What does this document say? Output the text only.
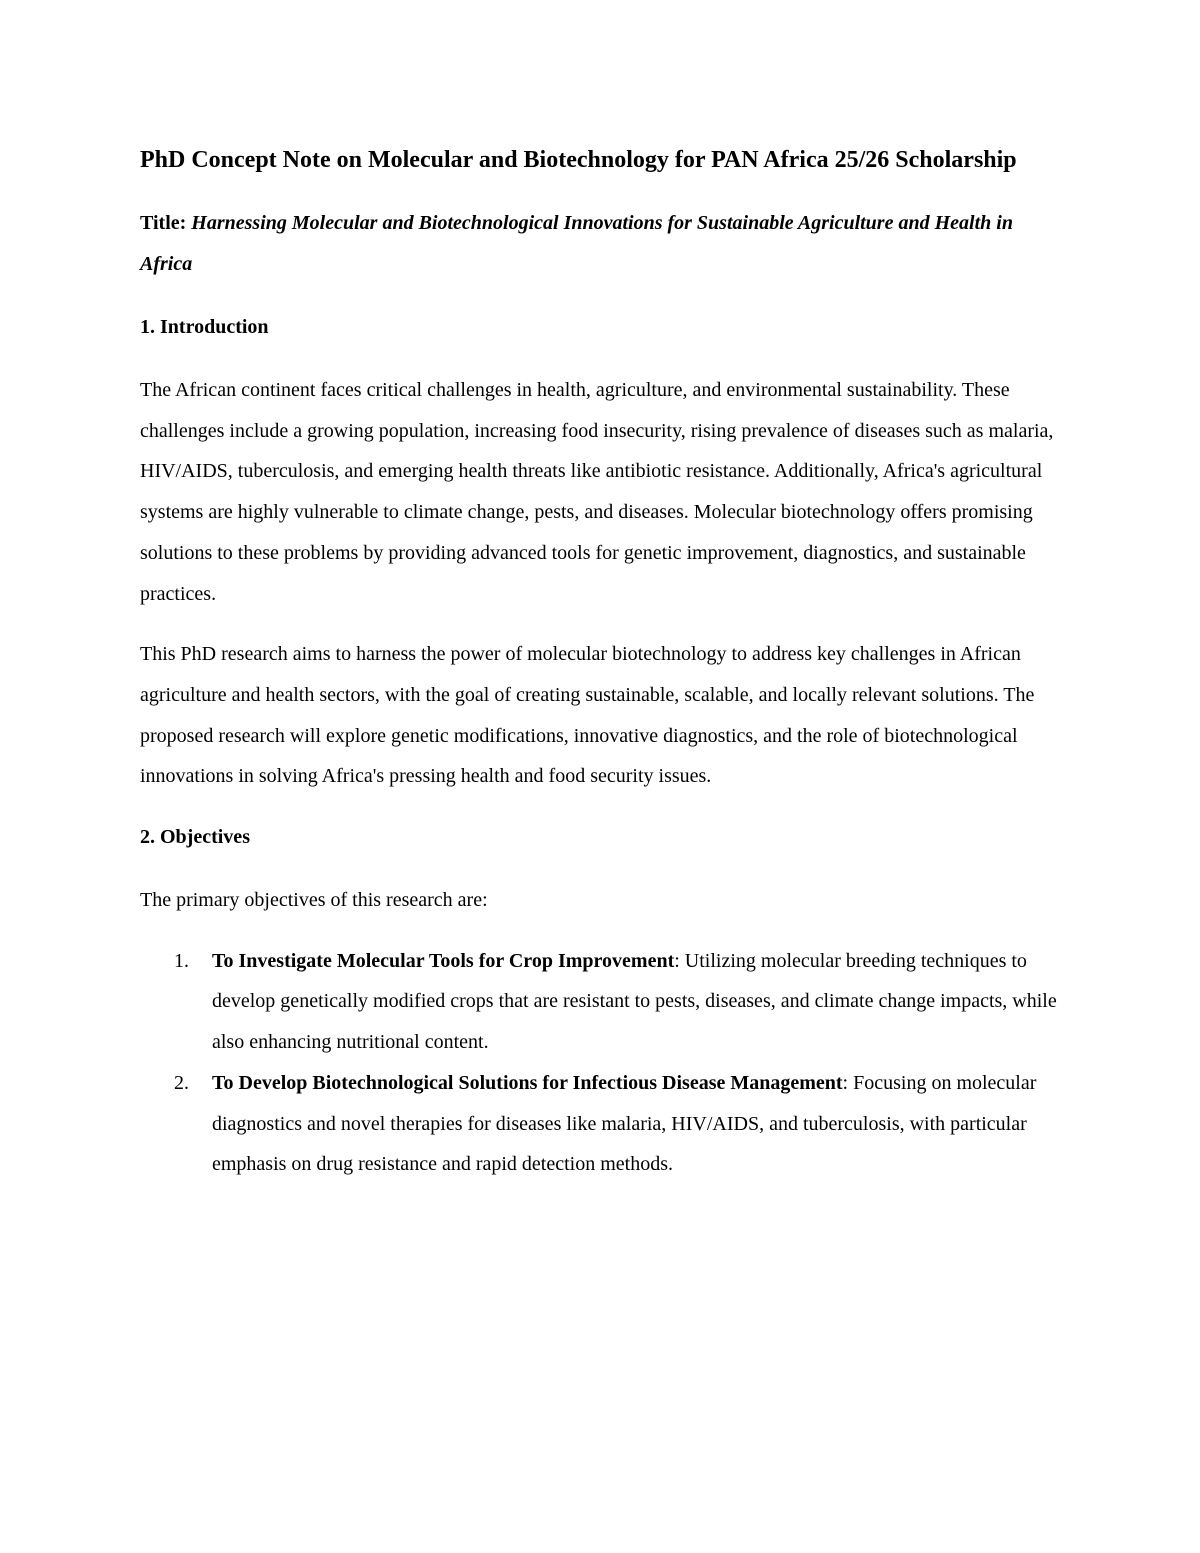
PhD Concept Note on Molecular and Biotechnology for PAN Africa 25/26 Scholarship

Title: Harnessing Molecular and Biotechnological Innovations for Sustainable Agriculture and Health in Africa

1. Introduction

The African continent faces critical challenges in health, agriculture, and environmental sustainability. These challenges include a growing population, increasing food insecurity, rising prevalence of diseases such as malaria, HIV/AIDS, tuberculosis, and emerging health threats like antibiotic resistance. Additionally, Africa's agricultural systems are highly vulnerable to climate change, pests, and diseases. Molecular biotechnology offers promising solutions to these problems by providing advanced tools for genetic improvement, diagnostics, and sustainable practices.

This PhD research aims to harness the power of molecular biotechnology to address key challenges in African agriculture and health sectors, with the goal of creating sustainable, scalable, and locally relevant solutions. The proposed research will explore genetic modifications, innovative diagnostics, and the role of biotechnological innovations in solving Africa's pressing health and food security issues.

2. Objectives

The primary objectives of this research are:

1. To Investigate Molecular Tools for Crop Improvement: Utilizing molecular breeding techniques to develop genetically modified crops that are resistant to pests, diseases, and climate change impacts, while also enhancing nutritional content.
2. To Develop Biotechnological Solutions for Infectious Disease Management: Focusing on molecular diagnostics and novel therapies for diseases like malaria, HIV/AIDS, and tuberculosis, with particular emphasis on drug resistance and rapid detection methods.
